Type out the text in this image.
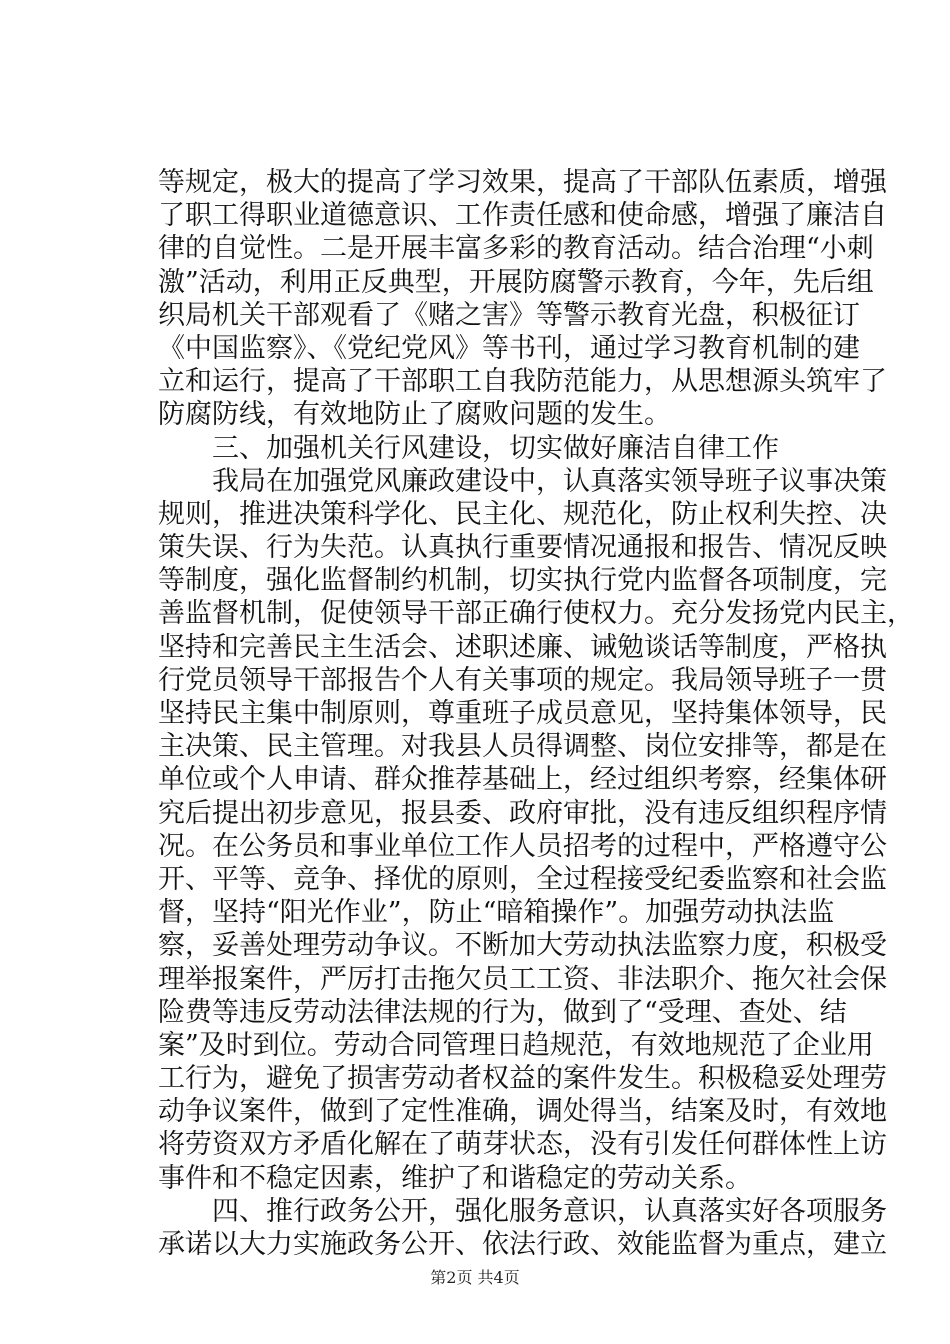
等规定，极大的提高了学习效果，提高了干部队伍素质，增强
了职工得职业道德意识、工作责任感和使命感，增强了廉洁自
律的自觉性。二是开展丰富多彩的教育活动。结合治理“小刺
激”活动，利用正反典型，开展防腐警示教育，今年，先后组
织局机关干部观看了《赌之害》等警示教育光盘，积极征订
《中国监察》、《党纪党风》等书刊，通过学习教育机制的建
立和运行，提高了干部职工自我防范能力，从思想源头筑牢了
防腐防线，有效地防止了腐败问题的发生。
三、加强机关行风建设，切实做好廉洁自律工作
我局在加强党风廉政建设中，认真落实领导班子议事决策
规则，推进决策科学化、民主化、规范化，防止权利失控、决
策失误、行为失范。认真执行重要情况通报和报告、情况反映
等制度，强化监督制约机制，切实执行党内监督各项制度，完
善监督机制，促使领导干部正确行使权力。充分发扬党内民主，
坚持和完善民主生活会、述职述廉、诫勉谈话等制度，严格执
行党员领导干部报告个人有关事项的规定。我局领导班子一贯
坚持民主集中制原则，尊重班子成员意见，坚持集体领导，民
主决策、民主管理。对我县人员得调整、岗位安排等，都是在
单位或个人申请、群众推荐基础上，经过组织考察，经集体研
究后提出初步意见，报县委、政府审批，没有违反组织程序情
况。在公务员和事业单位工作人员招考的过程中，严格遵守公
开、平等、竞争、择优的原则，全过程接受纪委监察和社会监
督，坚持“阳光作业”，防止“暗箱操作”。加强劳动执法监
察，妥善处理劳动争议。不断加大劳动执法监察力度，积极受
理举报案件，严厉打击拖欠员工工资、非法职介、拖欠社会保
险费等违反劳动法律法规的行为，做到了“受理、查处、结
案”及时到位。劳动合同管理日趋规范，有效地规范了企业用
工行为，避免了损害劳动者权益的案件发生。积极稳妥处理劳
动争议案件，做到了定性准确，调处得当，结案及时，有效地
将劳资双方矛盾化解在了萌芽状态，没有引发任何群体性上访
事件和不稳定因素，维护了和谐稳定的劳动关系。
四、推行政务公开，强化服务意识，认真落实好各项服务
承诺以大力实施政务公开、依法行政、效能监督为重点，建立
第2页 共4页
